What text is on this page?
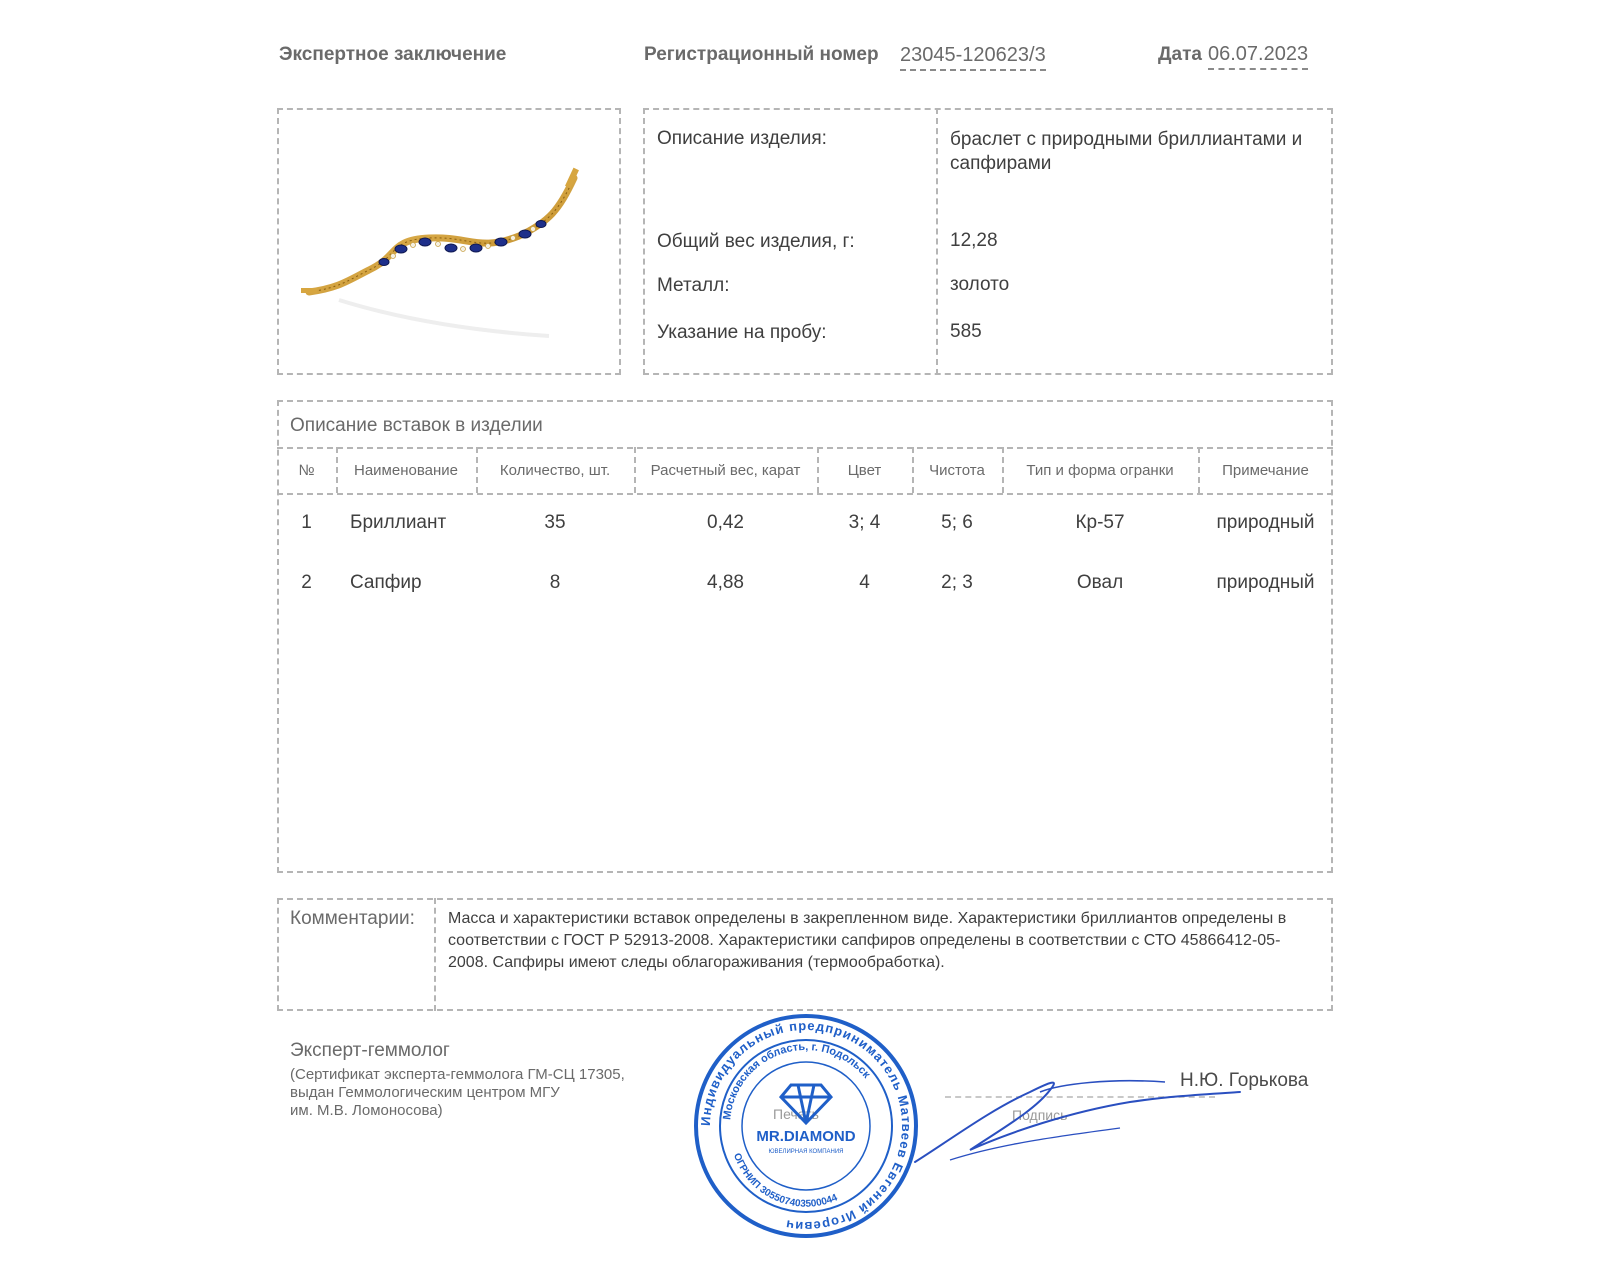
Экспертное заключение	Регистрационный номер 23045-120623/3	Дата 06.07.2023
Описание изделия:	браслет с природными бриллиантами и сапфирами
Общий вес изделия, г:	12,28
Металл:	золото
Указание на пробу:	585
Описание вставок в изделии
№	Наименование	Количество, шт.	Расчетный вес, карат	Цвет	Чистота	Тип и форма огранки	Примечание
1	Бриллиант	35	0,42	3; 4	5; 6	Кр-57	природный
2	Сапфир	8	4,88	4	2; 3	Овал	природный
Комментарии: Масса и характеристики вставок определены в закрепленном виде. Характеристики бриллиантов определены в соответствии с ГОСТ Р 52913-2008. Характеристики сапфиров определены в соответствии с СТО 45866412-05-2008. Сапфиры имеют следы облагораживания (термообработка).
Эксперт-геммолог
(Сертификат эксперта-геммолога ГМ-СЦ 17305,
выдан Геммологическим центром МГУ
им. М.В. Ломоносова)	Печать	Подпись
Н.Ю. Горькова
Индивидуальный предприниматель Матвеев Евгений Игоревич
Московская область, г. Подольск
ОГРНИП 305507403500044
MR.DIAMOND
ЮВЕЛИРНАЯ КОМПАНИЯ
